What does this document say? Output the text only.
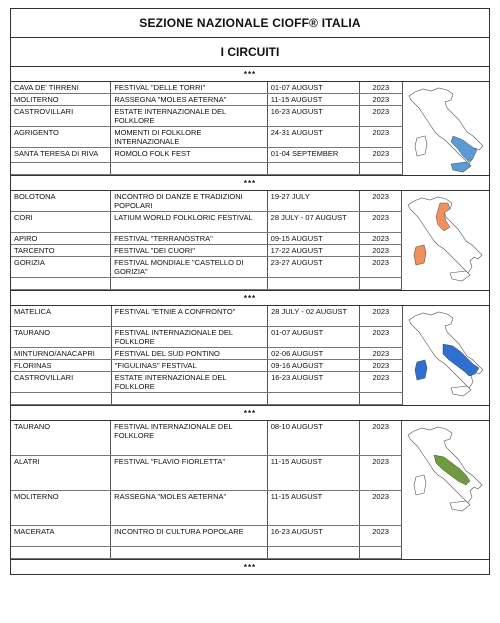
SEZIONE NAZIONALE CIOFF® ITALIA
I CIRCUITI
***
CAVA DE' TIRRENI	FESTIVAL "DELLE TORRI"	01-07 AUGUST	2023	

MOLITERNO	RASSEGNA "MOLES AETERNA"	11-15 AUGUST	2023	
CASTROVILLARI	ESTATE INTERNAZIONALE DEL FOLKLORE	16-23 AUGUST	2023	
AGRIGENTO	MOMENTI DI FOLKLORE INTERNAZIONALE	24-31 AUGUST	2023	
SANTA TERESA DI RIVA	ROMOLO FOLK FEST	01-04 SEPTEMBER	2023	

***
BOLOTONA	INCONTRO DI DANZE E TRADIZIONI POPOLARI	19-27 JULY	2023	

CORI	LATIUM WORLD FOLKLORIC FESTIVAL	28 JULY - 07 AUGUST	2023	
APIRO	FESTIVAL "TERRANOSTRA"	09-15 AUGUST	2023	
TARCENTO	FESTIVAL "DEI CUORI"	17-22 AUGUST	2023	
GORIZIA	FESTIVAL MONDIALE "CASTELLO DI GORIZIA"	23-27 AUGUST	2023	

***
MATELICA	FESTIVAL "ETNIE A CONFRONTO"	28 JULY - 02 AUGUST	2023	

TAURANO	FESTIVAL INTERNAZIONALE DEL FOLKLORE	01-07 AUGUST	2023	
MINTURNO/ANACAPRI	FESTIVAL DEL SUD PONTINO	02-06 AUGUST	2023	
FLORINAS	"FIGULINAS" FESTIVAL	09-16 AUGUST	2023	
CASTROVILLARI	ESTATE INTERNAZIONALE DEL FOLKLORE	16-23 AUGUST	2023	

***
TAURANO	FESTIVAL INTERNAZIONALE DEL FOLKLORE	08-10 AUGUST	2023	

ALATRI	FESTIVAL "FLAVIO FIORLETTA"	11-15 AUGUST	2023	
MOLITERNO	RASSEGNA "MOLES AETERNA"	11-15 AUGUST	2023	
MACERATA	INCONTRO DI CULTURA POPOLARE	16-23 AUGUST	2023	

***
